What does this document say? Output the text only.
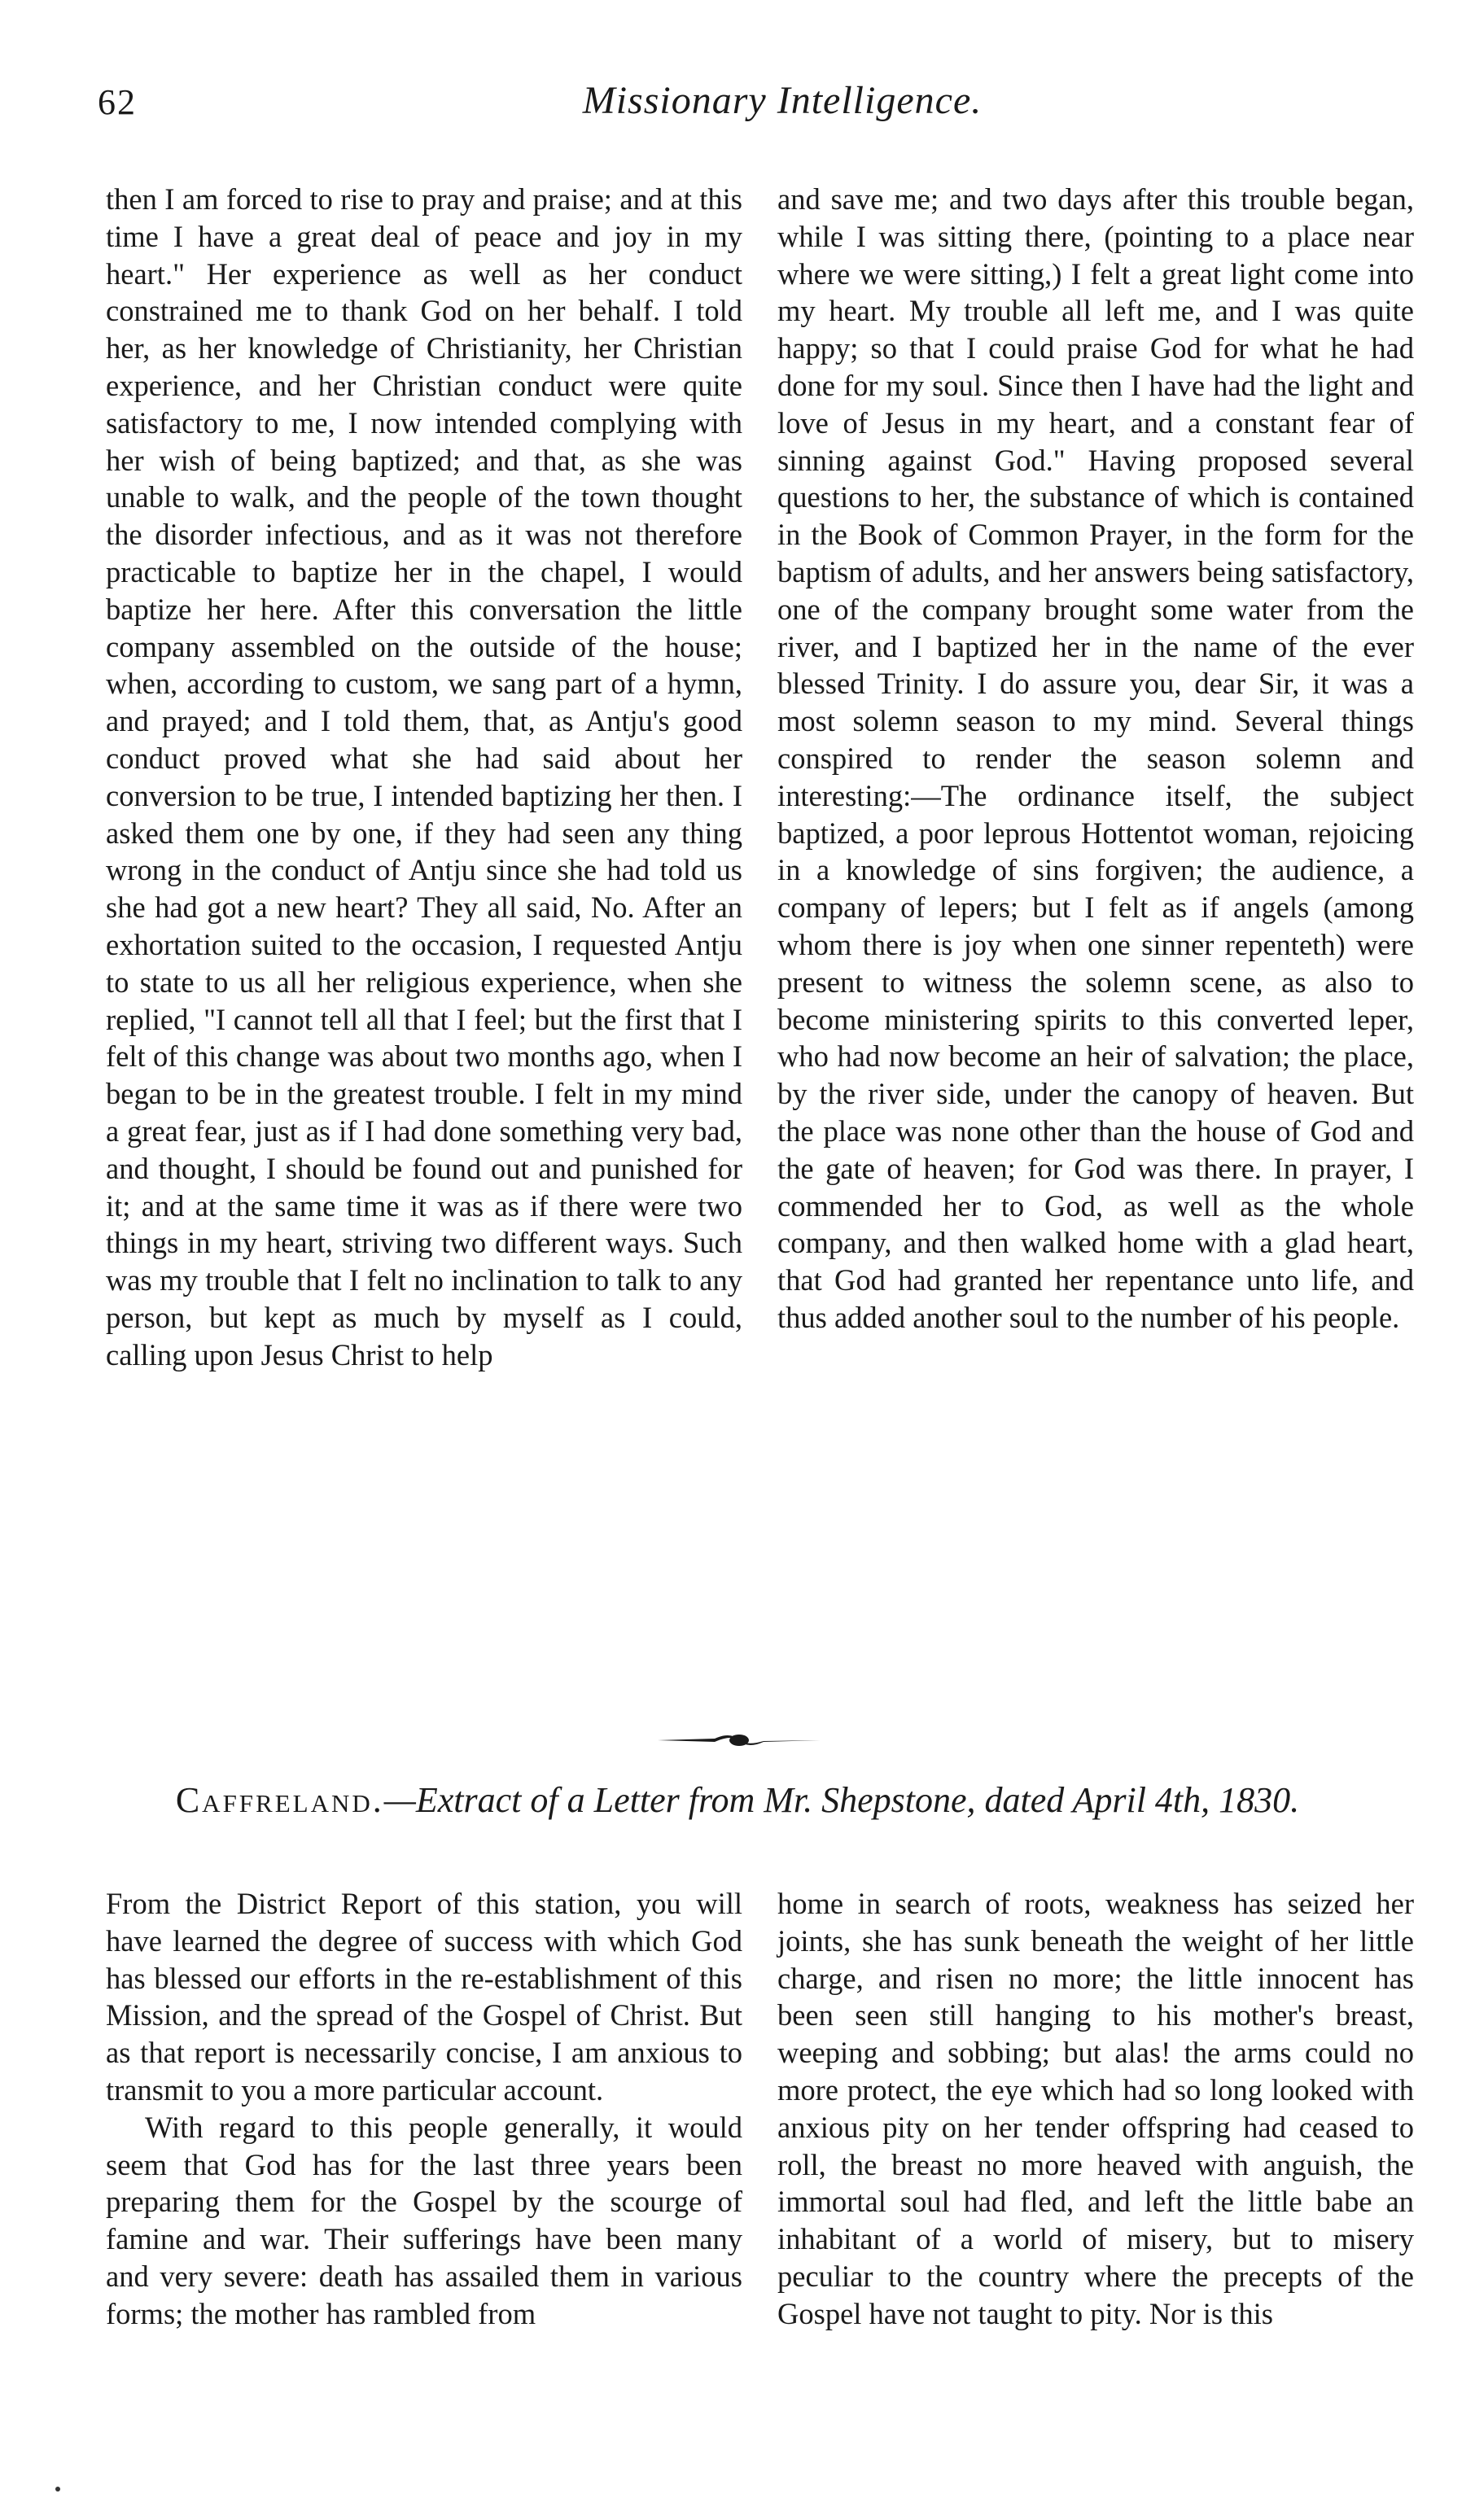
62	Missionary Intelligence.

then I am forced to rise to pray and praise; and at this time I have a great deal of peace and joy in my heart." Her experience as well as her conduct constrained me to thank God on her behalf. I told her, as her knowledge of Christianity, her Christian experience, and her Christian conduct were quite satisfactory to me, I now intended complying with her wish of being baptized; and that, as she was unable to walk, and the people of the town thought the disorder infectious, and as it was not therefore practicable to baptize her in the chapel, I would baptize her here. After this conversation the little company assembled on the outside of the house; when, according to custom, we sang part of a hymn, and prayed; and I told them, that, as Antju's good conduct proved what she had said about her conversion to be true, I intended baptizing her then. I asked them one by one, if they had seen any thing wrong in the conduct of Antju since she had told us she had got a new heart? They all said, No. After an exhortation suited to the occasion, I requested Antju to state to us all her religious experience, when she replied, "I cannot tell all that I feel; but the first that I felt of this change was about two months ago, when I began to be in the greatest trouble. I felt in my mind a great fear, just as if I had done something very bad, and thought, I should be found out and punished for it; and at the same time it was as if there were two things in my heart, striving two different ways. Such was my trouble that I felt no inclination to talk to any person, but kept as much by myself as I could, calling upon Jesus Christ to help

and save me; and two days after this trouble began, while I was sitting there, (pointing to a place near where we were sitting,) I felt a great light come into my heart. My trouble all left me, and I was quite happy; so that I could praise God for what he had done for my soul. Since then I have had the light and love of Jesus in my heart, and a constant fear of sinning against God." Having proposed several questions to her, the substance of which is contained in the Book of Common Prayer, in the form for the baptism of adults, and her answers being satisfactory, one of the company brought some water from the river, and I baptized her in the name of the ever blessed Trinity. I do assure you, dear Sir, it was a most solemn season to my mind. Several things conspired to render the season solemn and interesting:—The ordinance itself, the subject baptized, a poor leprous Hottentot woman, rejoicing in a knowledge of sins forgiven; the audience, a company of lepers; but I felt as if angels (among whom there is joy when one sinner repenteth) were present to witness the solemn scene, as also to become ministering spirits to this converted leper, who had now become an heir of salvation; the place, by the river side, under the canopy of heaven. But the place was none other than the house of God and the gate of heaven; for God was there. In prayer, I commended her to God, as well as the whole company, and then walked home with a glad heart, that God had granted her repentance unto life, and thus added another soul to the number of his people.

Caffreland.—Extract of a Letter from Mr. Shepstone, dated April 4th, 1830.

From the District Report of this station, you will have learned the degree of success with which God has blessed our efforts in the re-establishment of this Mission, and the spread of the Gospel of Christ. But as that report is necessarily concise, I am anxious to transmit to you a more particular account.

With regard to this people generally, it would seem that God has for the last three years been preparing them for the Gospel by the scourge of famine and war. Their sufferings have been many and very severe: death has assailed them in various forms; the mother has rambled from

home in search of roots, weakness has seized her joints, she has sunk beneath the weight of her little charge, and risen no more; the little innocent has been seen still hanging to his mother's breast, weeping and sobbing; but alas! the arms could no more protect, the eye which had so long looked with anxious pity on her tender offspring had ceased to roll, the breast no more heaved with anguish, the immortal soul had fled, and left the little babe an inhabitant of a world of misery, but to misery peculiar to the country where the precepts of the Gospel have not taught to pity. Nor is this
